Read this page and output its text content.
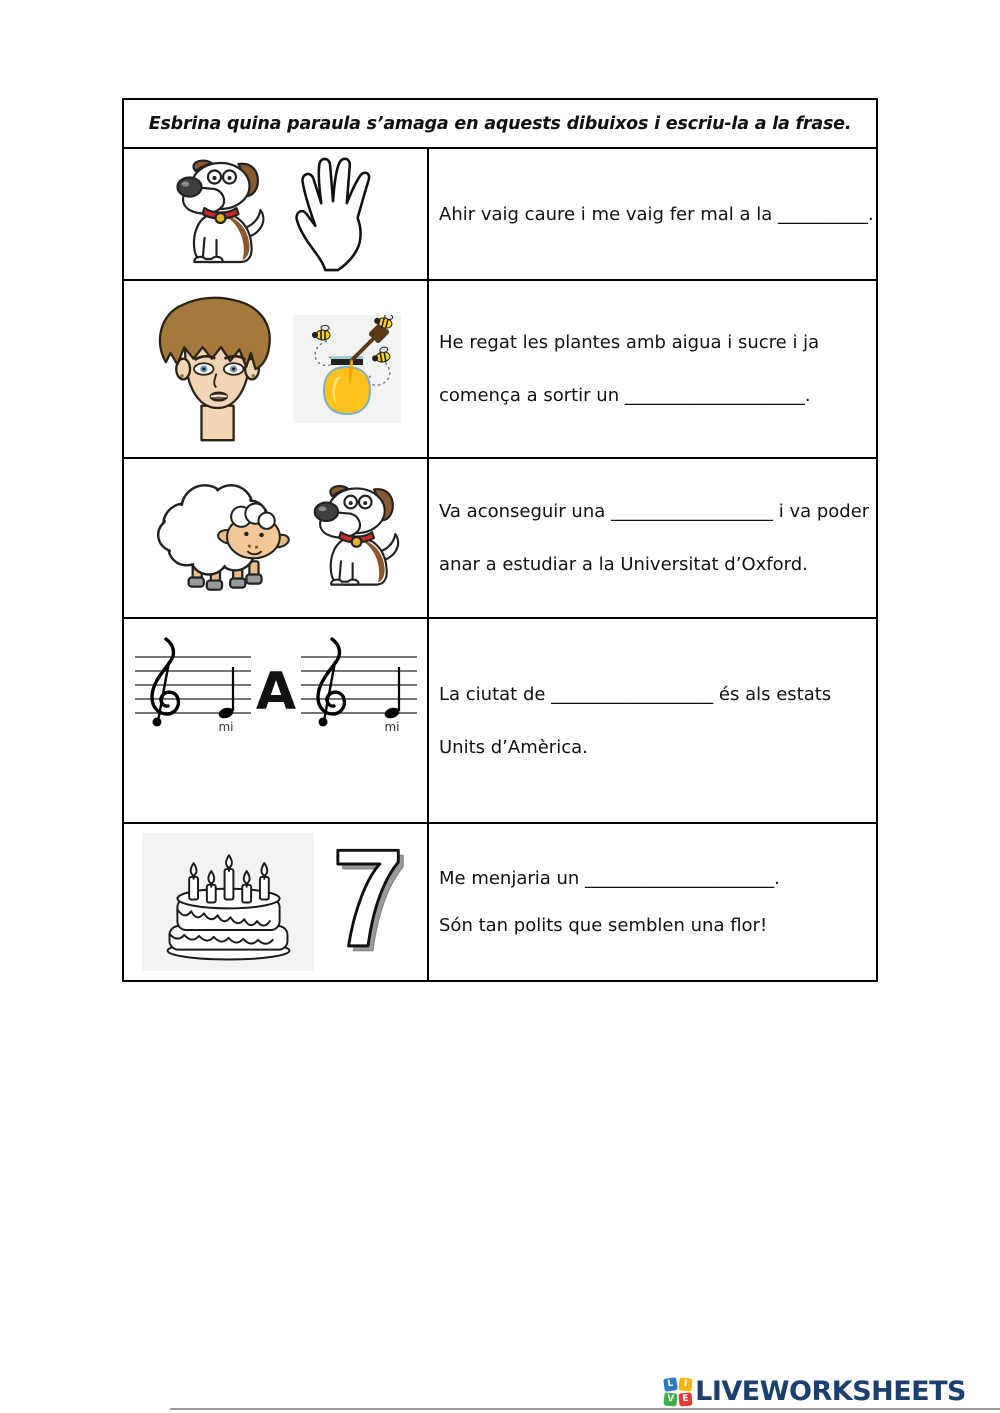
Esbrina quina paraula s’amaga en aquests dibuixos i escriu-la a la frase.
Ahir vaig caure i me vaig fer mal a la __________.
He regat les plantes amb aigua i sucre i ja
comença a sortir un ____________________.
Va aconseguir una __________________ i va poder
anar a estudiar a la Universitat d’Oxford.
mi
A
mi
La ciutat de __________________ és als estats
Units d’Amèrica.
Me menjaria un _____________________.
Són tan polits que semblen una flor!
L	I
V E LIVEWORKSHEETS
